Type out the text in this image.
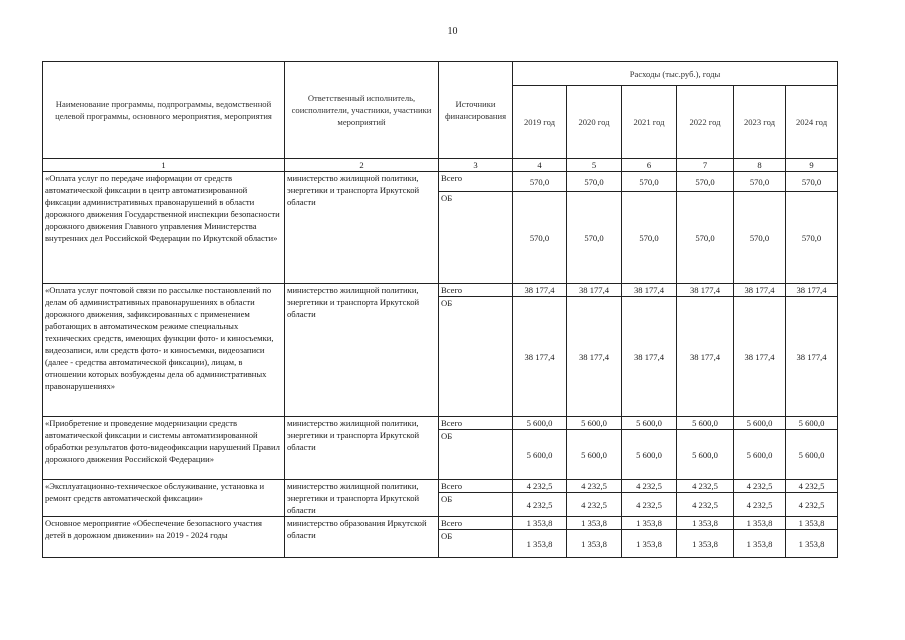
10
Наименование программы, подпрограммы, ведомственной целевой программы, основного мероприятия, мероприятия	Ответственный исполнитель, соисполнители, участники, участники мероприятий	Источники финансирования	Расходы (тыс.руб.), годы					
			2019 год	2020 год	2021 год	2022 год	2023 год	2024 год
1	2	3	4	5	6	7	8	9
«Оплата услуг по передаче информации от средств автоматической фиксации в центр автоматизированной фиксации административных правонарушений в области дорожного движения Государственной инспекции безопасности дорожного движения Главного управления Министерства внутренних дел Российской Федерации по Иркутской области»	министерство жилищной политики, энергетики и транспорта Иркутской области	Всего	570,0	570,0	570,0	570,0	570,0	570,0
		ОБ	570,0	570,0	570,0	570,0	570,0	570,0
«Оплата услуг почтовой связи по рассылке постановлений по делам об административных правонарушениях в области дорожного движения, зафиксированных с применением работающих в автоматическом режиме специальных технических средств, имеющих функции фото- и киносъемки, видеозаписи, или средств фото- и киносъемки, видеозаписи (далее - средства автоматической фиксации), лицам, в отношении которых возбуждены дела об административных правонарушениях»	министерство жилищной политики, энергетики и транспорта Иркутской области	Всего	38 177,4	38 177,4	38 177,4	38 177,4	38 177,4	38 177,4
		ОБ	38 177,4	38 177,4	38 177,4	38 177,4	38 177,4	38 177,4
«Приобретение и проведение модернизации средств автоматической фиксации и системы автоматизированной обработки результатов фото-видеофиксации нарушений Правил дорожного движения Российской Федерации»	министерство жилищной политики, энергетики и транспорта Иркутской области	Всего	5 600,0	5 600,0	5 600,0	5 600,0	5 600,0	5 600,0
		ОБ	5 600,0	5 600,0	5 600,0	5 600,0	5 600,0	5 600,0
«Эксплуатационно-техническое обслуживание, установка и ремонт средств автоматической фиксации»	министерство жилищной политики, энергетики и транспорта Иркутской области	Всего	4 232,5	4 232,5	4 232,5	4 232,5	4 232,5	4 232,5
		ОБ	4 232,5	4 232,5	4 232,5	4 232,5	4 232,5	4 232,5
Основное мероприятие «Обеспечение безопасного участия детей в дорожном движении» на 2019 - 2024 годы	министерство образования Иркутской области	Всего	1 353,8	1 353,8	1 353,8	1 353,8	1 353,8	1 353,8
		ОБ	1 353,8	1 353,8	1 353,8	1 353,8	1 353,8	1 353,8
